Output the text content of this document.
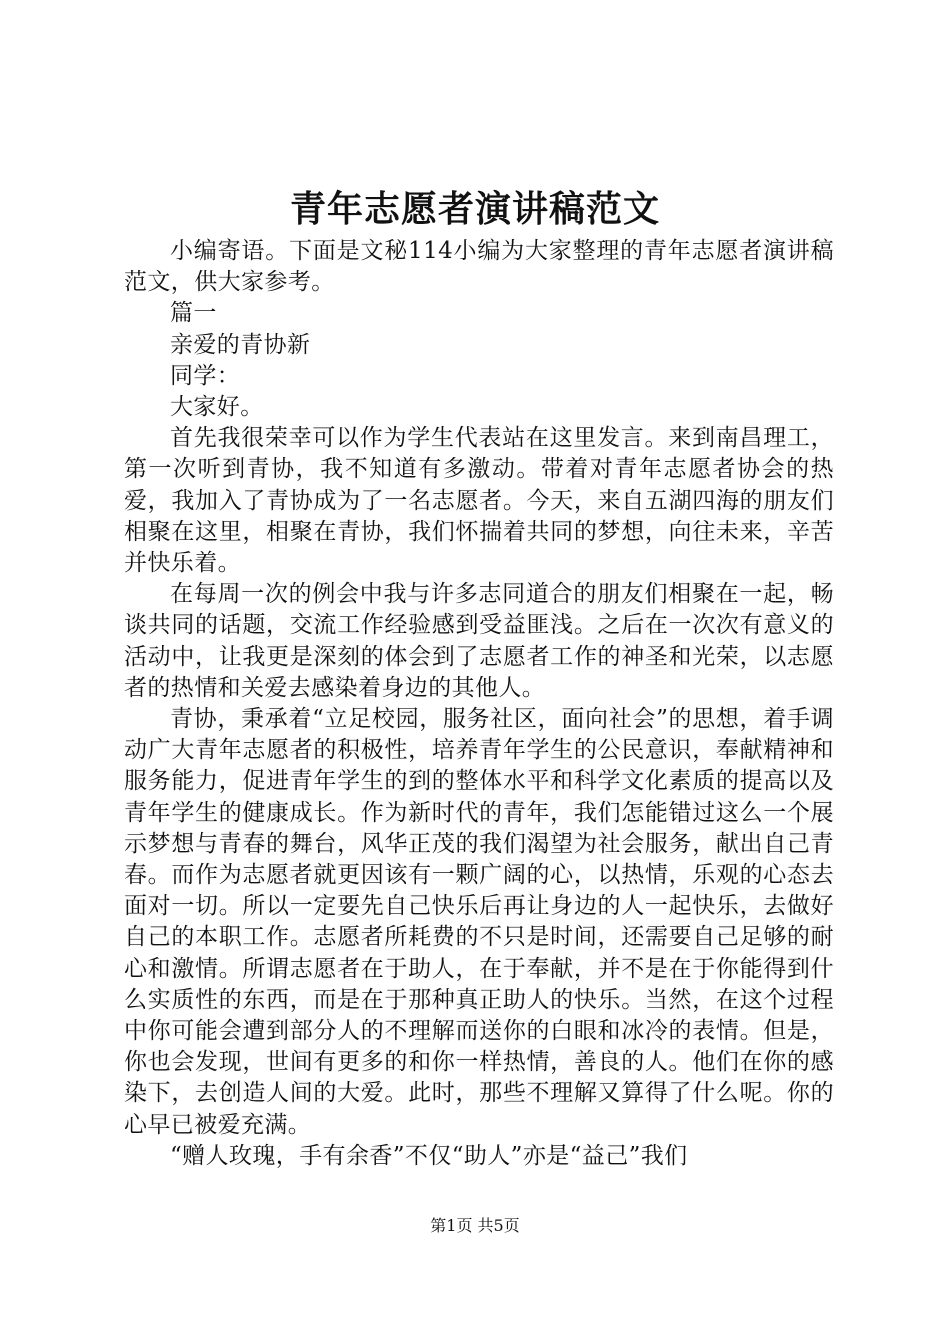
青年志愿者演讲稿范文

小编寄语。下面是文秘114小编为大家整理的青年志愿者演讲稿范文，供大家参考。

篇一

亲爱的青协新

同学：

大家好。

首先我很荣幸可以作为学生代表站在这里发言。来到南昌理工，第一次听到青协，我不知道有多激动。带着对青年志愿者协会的热爱，我加入了青协成为了一名志愿者。今天，来自五湖四海的朋友们相聚在这里，相聚在青协，我们怀揣着共同的梦想，向往未来，辛苦并快乐着。

在每周一次的例会中我与许多志同道合的朋友们相聚在一起，畅谈共同的话题，交流工作经验感到受益匪浅。之后在一次次有意义的活动中，让我更是深刻的体会到了志愿者工作的神圣和光荣，以志愿者的热情和关爱去感染着身边的其他人。

青协，秉承着“立足校园，服务社区，面向社会”的思想，着手调动广大青年志愿者的积极性，培养青年学生的公民意识，奉献精神和服务能力，促进青年学生的到的整体水平和科学文化素质的提高以及青年学生的健康成长。作为新时代的青年，我们怎能错过这么一个展示梦想与青春的舞台，风华正茂的我们渴望为社会服务，献出自己青春。而作为志愿者就更因该有一颗广阔的心，以热情，乐观的心态去面对一切。所以一定要先自己快乐后再让身边的人一起快乐，去做好自己的本职工作。志愿者所耗费的不只是时间，还需要自己足够的耐心和激情。所谓志愿者在于助人，在于奉献，并不是在于你能得到什么实质性的东西，而是在于那种真正助人的快乐。当然，在这个过程中你可能会遭到部分人的不理解而送你的白眼和冰冷的表情。但是，你也会发现，世间有更多的和你一样热情，善良的人。他们在你的感染下，去创造人间的大爱。此时，那些不理解又算得了什么呢。你的心早已被爱充满。

“赠人玫瑰，手有余香”不仅“助人”亦是“益己”我们

第1页 共5页
